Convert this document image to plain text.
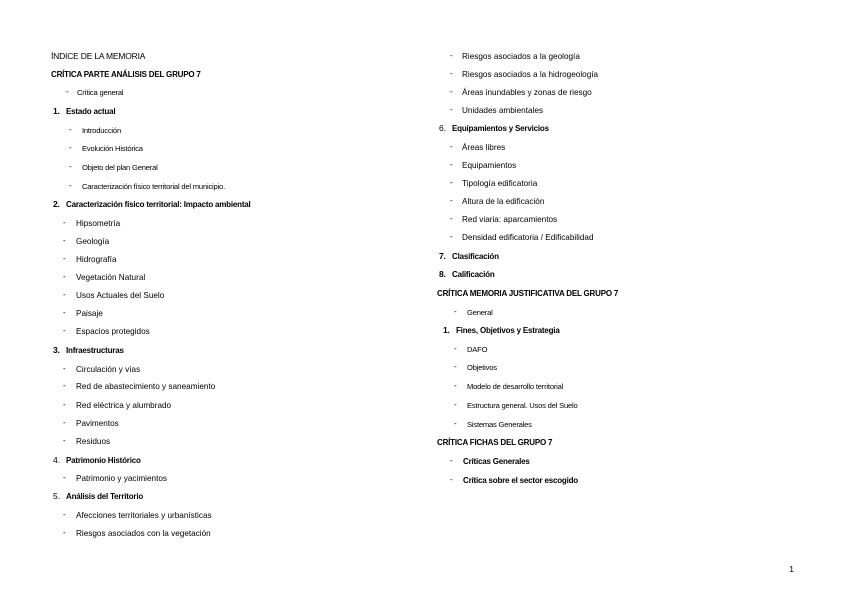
ÍNDICE DE LA MEMORIA
CRÍTICA PARTE ANÁLISIS DEL GRUPO 7
- Crítica general
1. Estado actual
- Introducción
- Evolución Histórica
- Objeto del plan General
- Caracterización físico territorial del municipio.
2. Caracterización físico territorial: Impacto ambiental
- Hipsometría
- Geología
- Hidrografía
- Vegetación Natural
- Usos Actuales del Suelo
- Paisaje
- Espacios protegidos
3. Infraestructuras
- Circulación y vías
- Red de abastecimiento y saneamiento
- Red eléctrica y alumbrado
- Pavimentos
- Residuos
4. Patrimonio Histórico
- Patrimonio y yacimientos
5. Análisis del Territorio
- Afecciones territoriales y urbanísticas
- Riesgos asociados con la vegetación
- Riesgos asociados a la geología
- Riesgos asociados a la hidrogeología
- Áreas inundables y zonas de riesgo
- Unidades ambientales
6. Equipamientos y Servicios
- Áreas libres
- Equipamientos
- Tipología edificatoria
- Altura de la edificación
- Red viaria: aparcamientos
- Densidad edificatoria / Edificabilidad
7. Clasificación
8. Calificación
CRÍTICA MEMORIA JUSTIFICATIVA DEL GRUPO 7
- General
1. Fines, Objetivos y Estrategia
- DAFO
- Objetivos
- Modelo de desarrollo territorial
- Estructura general. Usos del Suelo
- Sistemas Generales
CRÍTICA FICHAS DEL GRUPO 7
- Críticas Generales
- Crítica sobre el sector escogido
1
